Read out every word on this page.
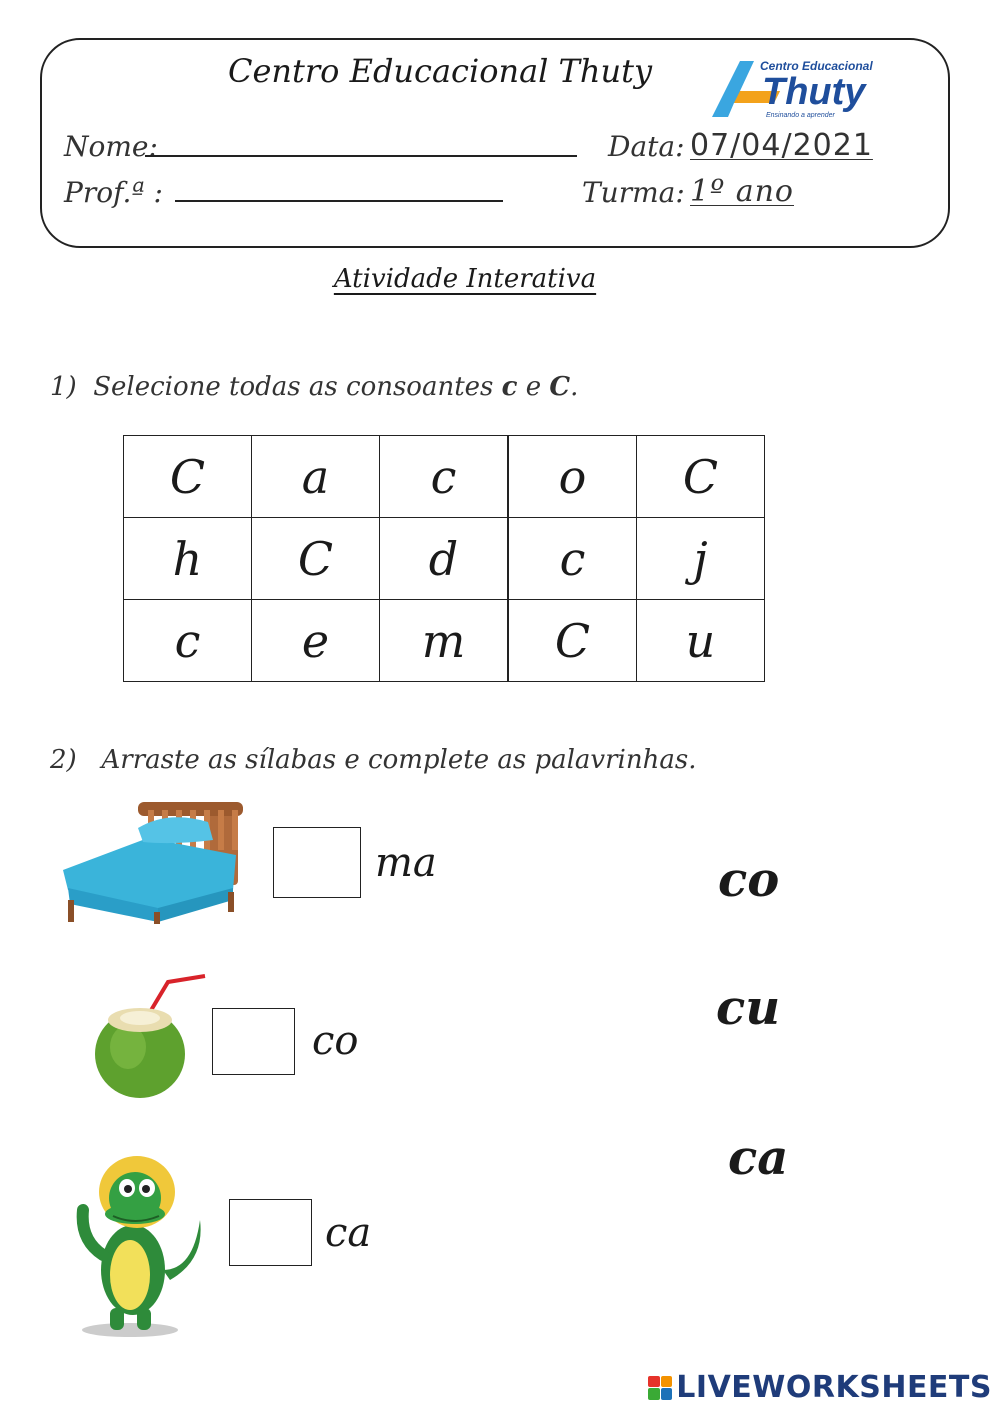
Centro Educacional Thuty	Centro Educacional
Thuty
Ensinando a aprender
Nome:	Data: 07/04/2021
Prof.ª :	Turma: 1º ano
Atividade Interativa
1) Selecione todas as consoantes c e C.
C	a	c	o	C
h	C	d	c	j
c	e	m	C	u
2) Arraste as sílabas e complete as palavrinhas.
ma
co
ca
co
cu
ca
LIVEWORKSHEETS
